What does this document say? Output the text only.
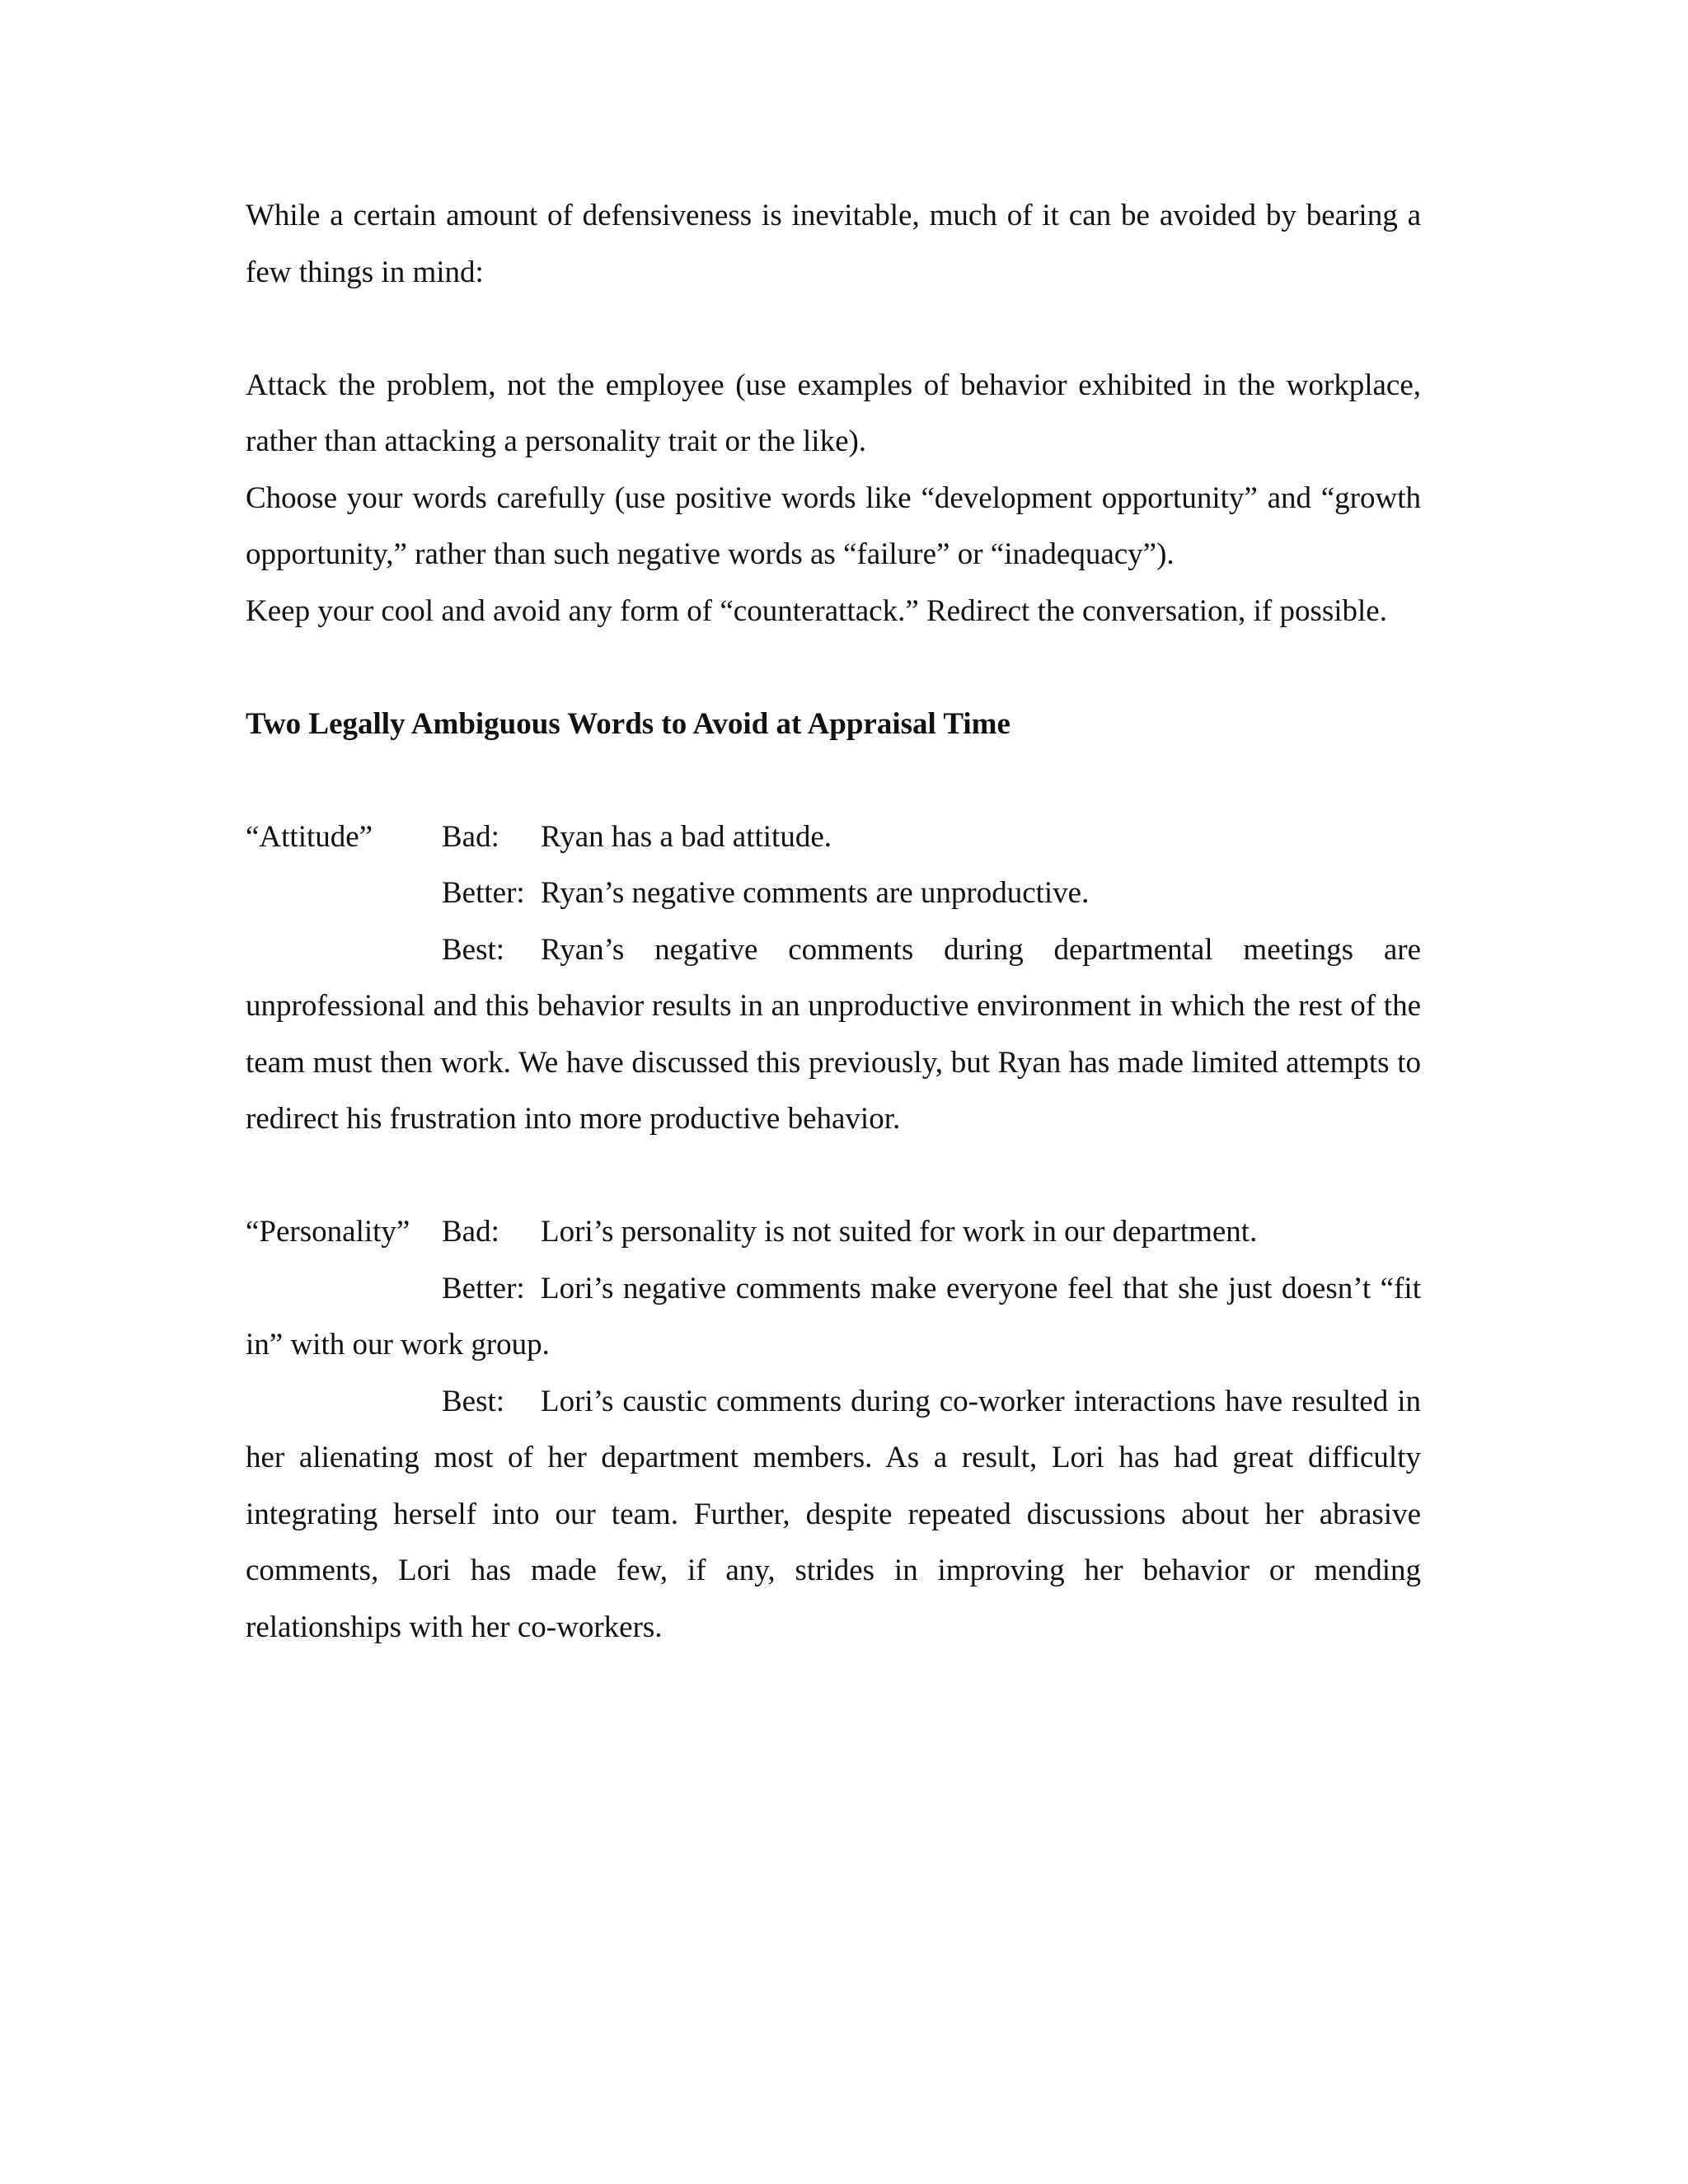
While a certain amount of defensiveness is inevitable, much of it can be avoided by bearing a few things in mind:

Attack the problem, not the employee (use examples of behavior exhibited in the workplace, rather than attacking a personality trait or the like).

Choose your words carefully (use positive words like “development opportunity” and “growth opportunity,” rather than such negative words as “failure” or “inadequacy”).

Keep your cool and avoid any form of “counterattack.” Redirect the conversation, if possible.

Two Legally Ambiguous Words to Avoid at Appraisal Time

“Attitude”	Bad:	Ryan has a bad attitude.
Better: Ryan’s negative comments are unproductive.

Best: Ryan’s negative comments during departmental meetings are unprofessional and this behavior results in an unproductive environment in which the rest of the team must then work. We have discussed this previously, but Ryan has made limited attempts to redirect his frustration into more productive behavior.

“Personality”	Bad:	Lori’s personality is not suited for work in our department.

Better: Lori’s negative comments make everyone feel that she just doesn’t “fit in” with our work group.

Best: Lori’s caustic comments during co-worker interactions have resulted in her alienating most of her department members. As a result, Lori has had great difficulty integrating herself into our team. Further, despite repeated discussions about her abrasive comments, Lori has made few, if any, strides in improving her behavior or mending relationships with her co-workers.
